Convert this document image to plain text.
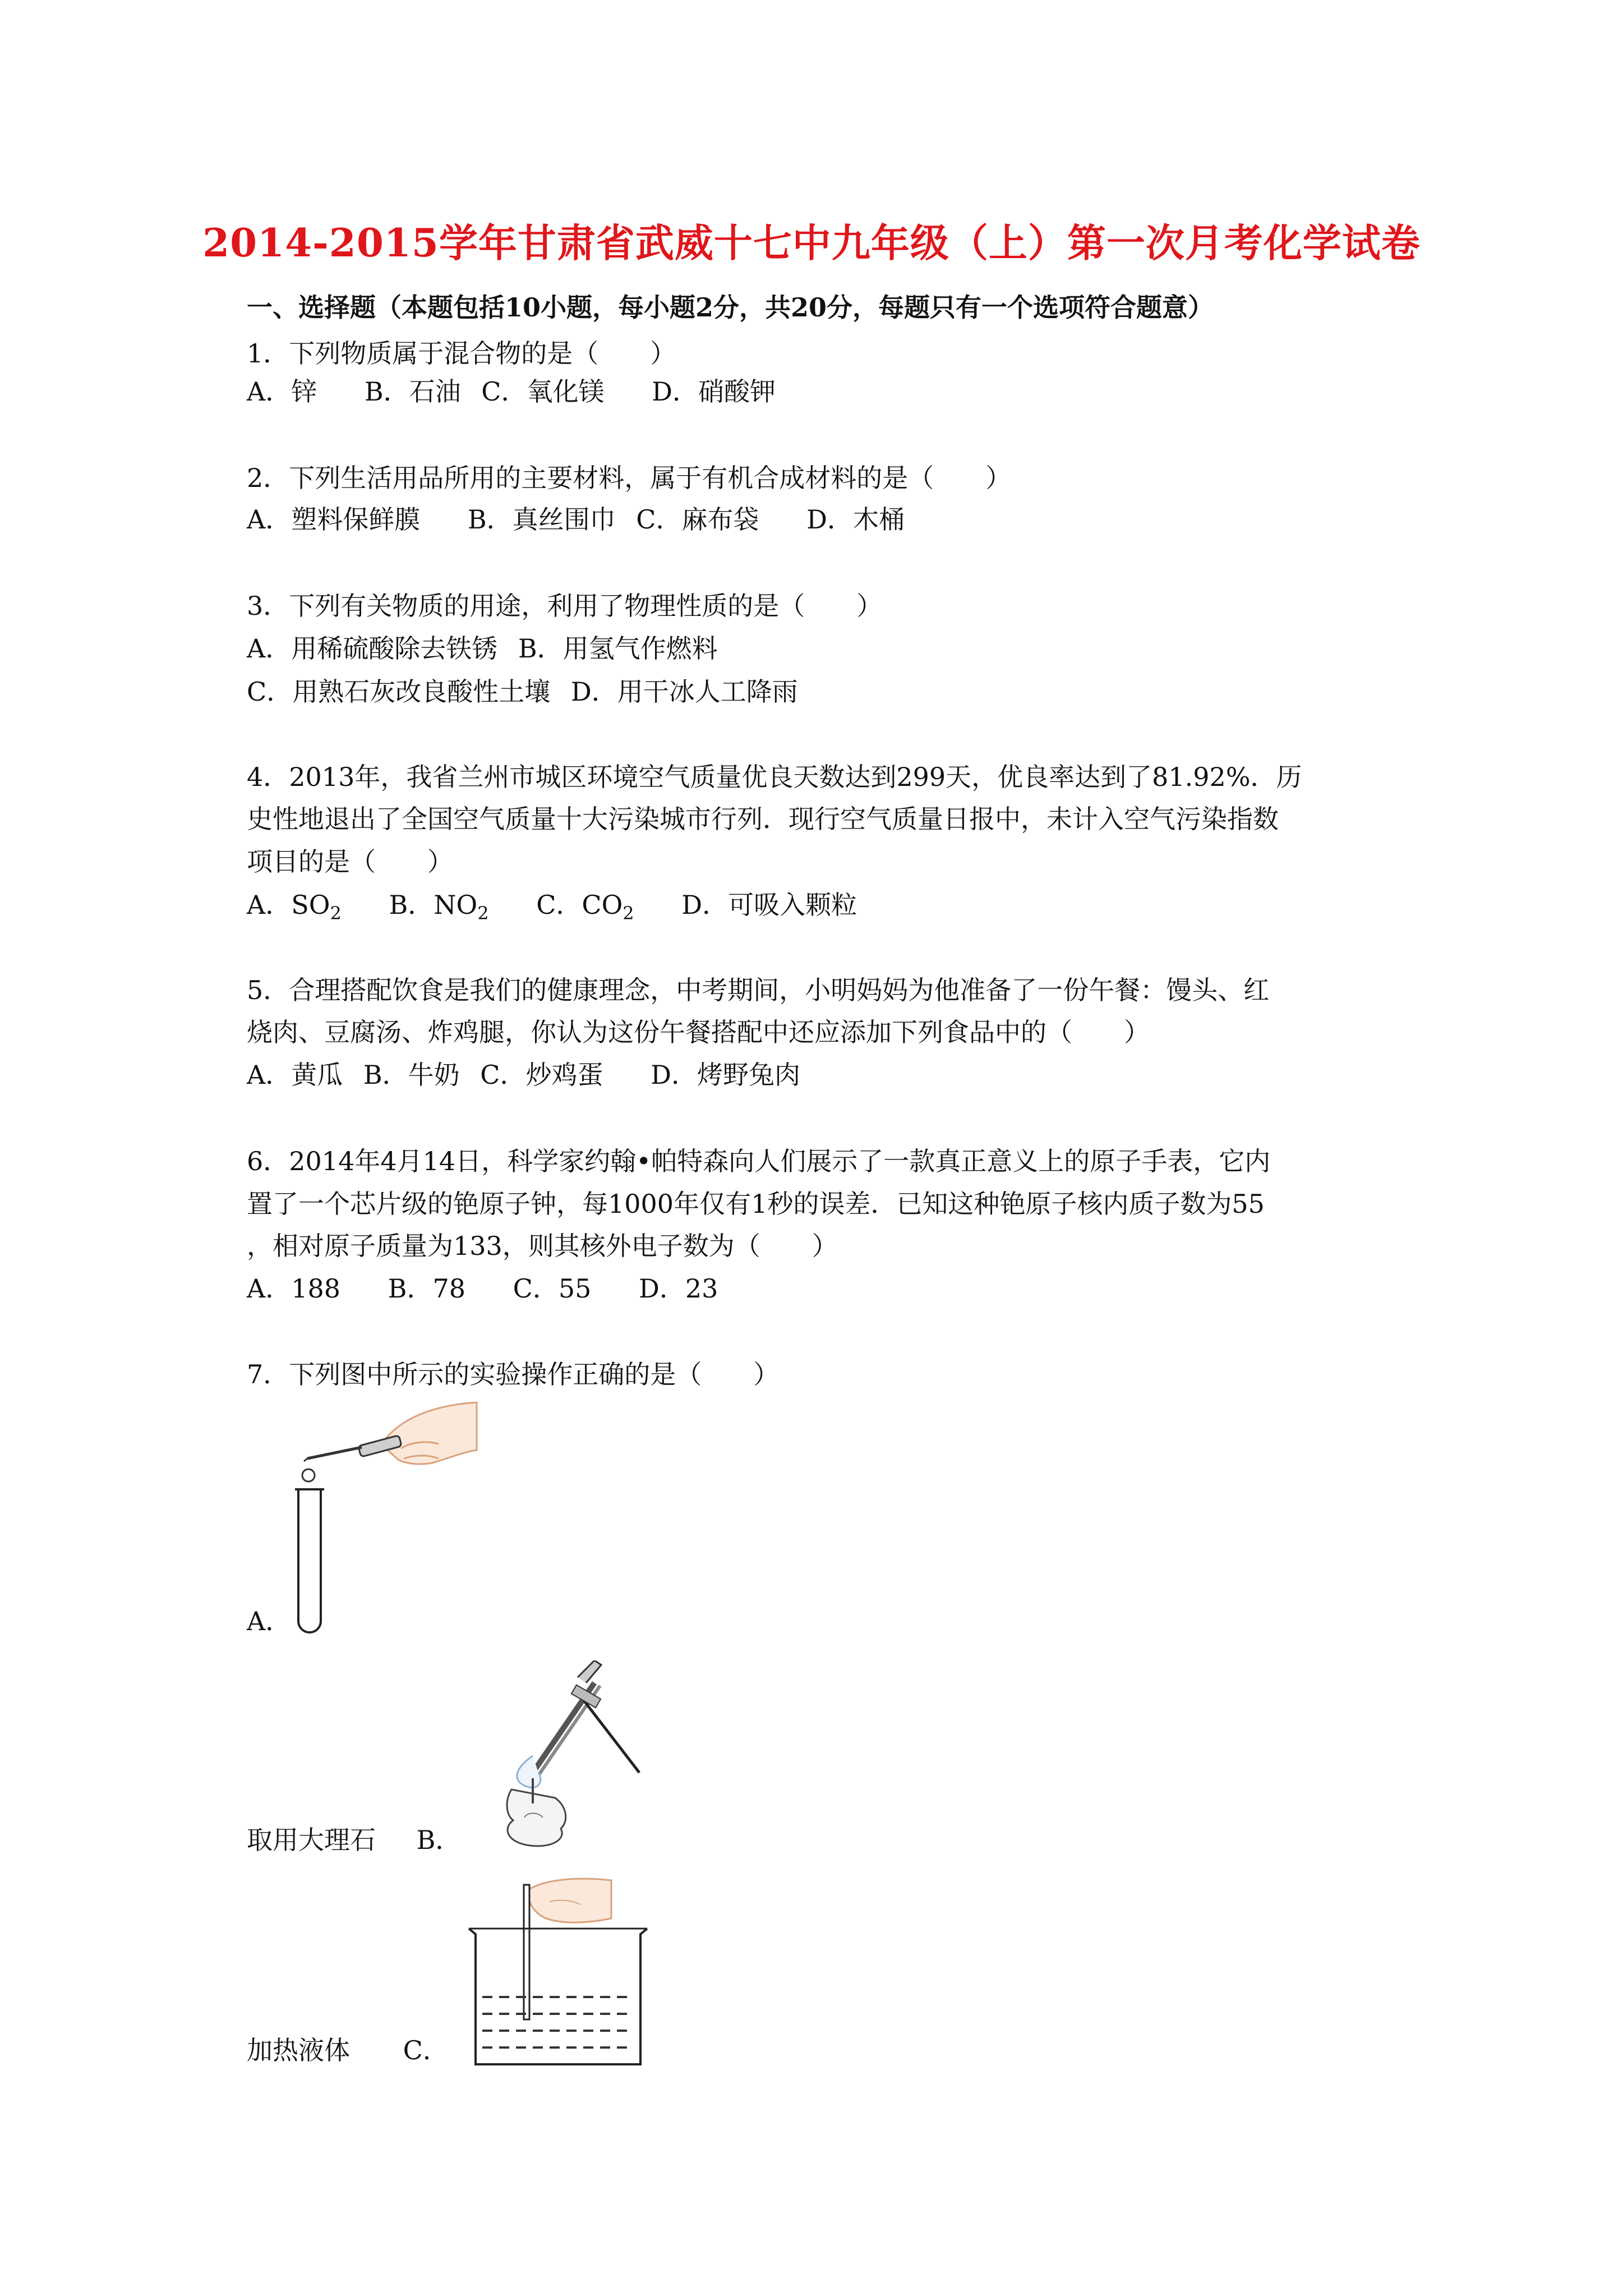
2014-2015学年甘肃省武威十七中九年级（上）第一次月考化学试卷
一、选择题（本题包括10小题，每小题2分，共20分，每题只有一个选项符合题意）
1．下列物质属于混合物的是（　　）
A．锌 B．石油 C．氧化镁 D．硝酸钾
2．下列生活用品所用的主要材料，属于有机合成材料的是（　　）
A．塑料保鲜膜 B．真丝围巾 C．麻布袋 D．木桶
3．下列有关物质的用途，利用了物理性质的是（　　）
A．用稀硫酸除去铁锈 B．用氢气作燃料
C．用熟石灰改良酸性土壤 D．用干冰人工降雨
4．2013年，我省兰州市城区环境空气质量优良天数达到299天，优良率达到了81.92%．历
史性地退出了全国空气质量十大污染城市行列．现行空气质量日报中，未计入空气污染指数
项目的是（　　）
A．$SO_2$ B．$NO_2$ C．$CO_2$ D．可吸入颗粒
5．合理搭配饮食是我们的健康理念，中考期间，小明妈妈为他准备了一份午餐：馒头、红
烧肉、豆腐汤、炸鸡腿，你认为这份午餐搭配中还应添加下列食品中的（　　）
A．黄瓜 B．牛奶 C．炒鸡蛋 D．烤野兔肉
6．2014年4月14日，科学家约翰•帕特森向人们展示了一款真正意义上的原子手表，它内
置了一个芯片级的铯原子钟，每1000年仅有1秒的误差．已知这种铯原子核内质子数为55
，相对原子质量为133，则其核外电子数为（　　）
A．188 B．78 C．55 D．23
7．下列图中所示的实验操作正确的是（　　）
A．
取用大理石 B．
加热液体 C．
